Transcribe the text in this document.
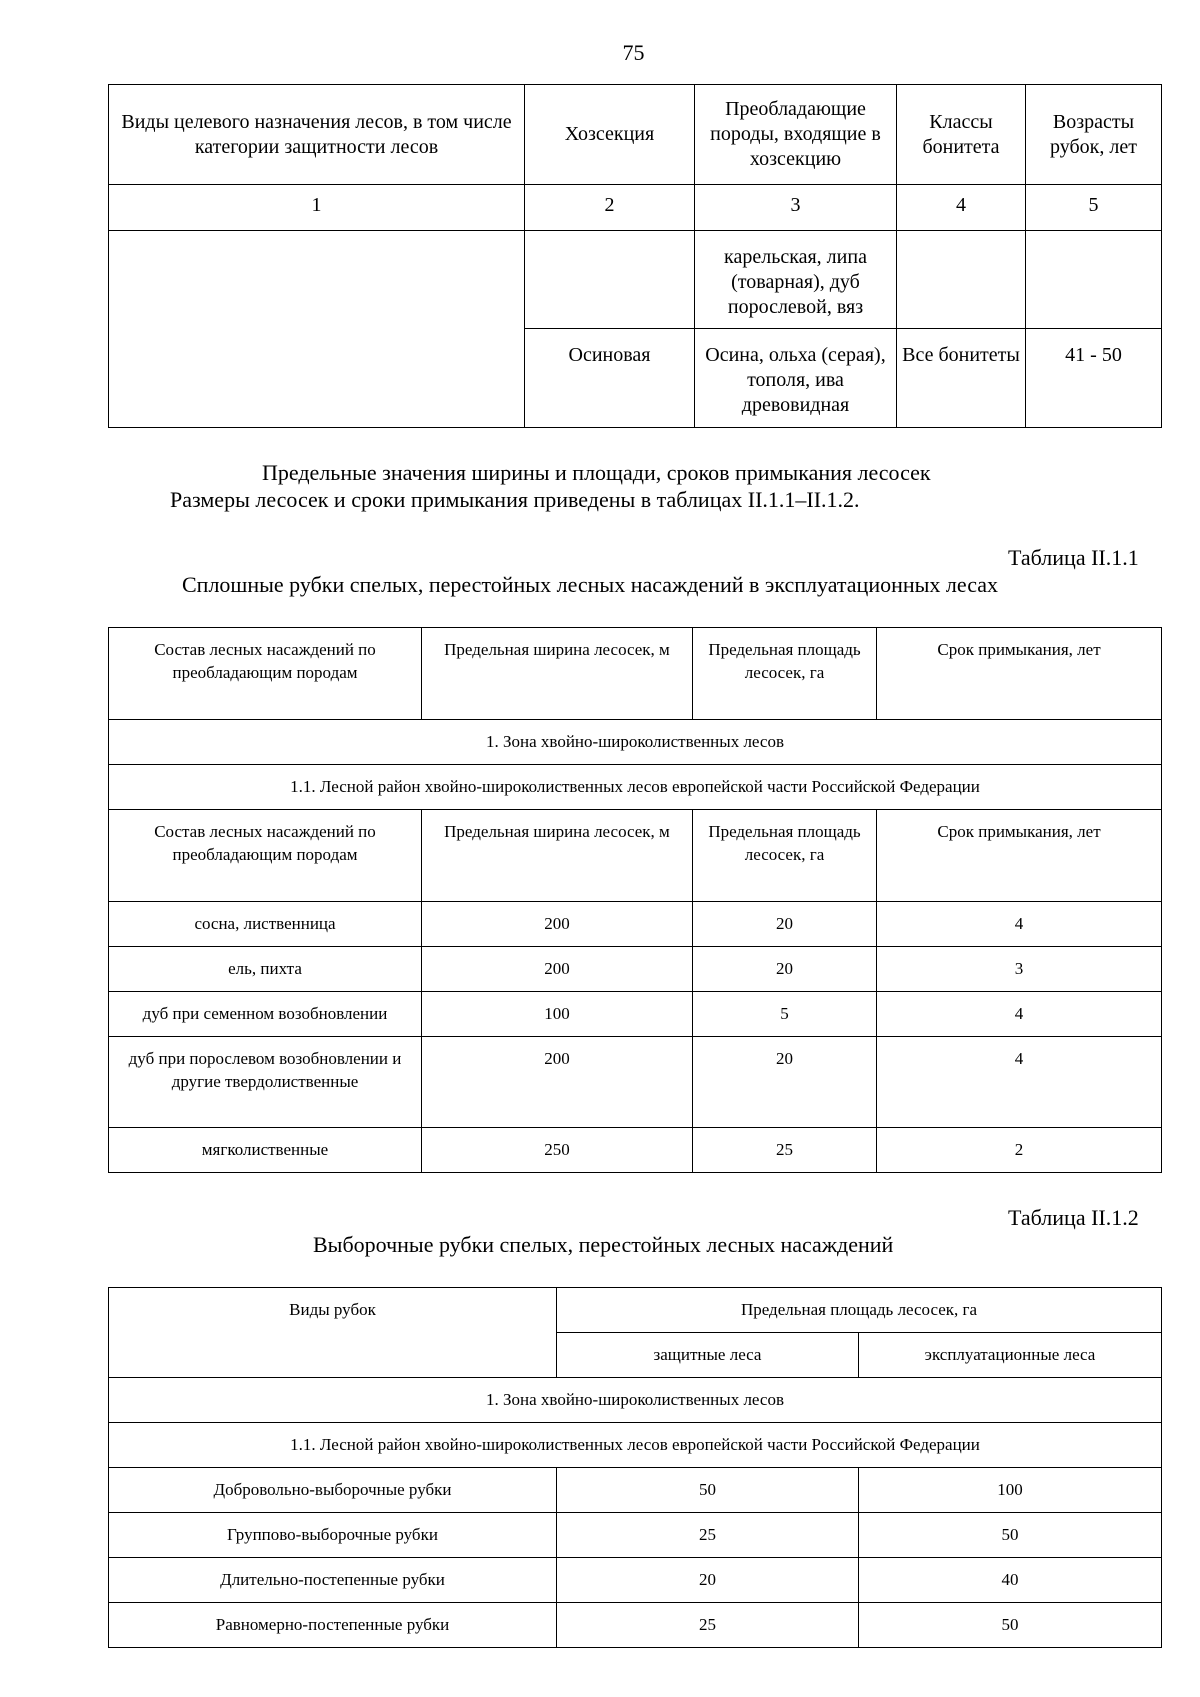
75
Виды целевого назначения лесов, в том числе категории защитности лесов	Хозсекция	Преобладающие породы, входящие в хозсекцию	Классы бонитета	Возрасты рубок, лет
1	2	3	4	5
		карельская, липа (товарная), дуб порослевой, вяз		
	Осиновая	Осина, ольха (серая), тополя, ива древовидная	Все бонитеты	41 - 50
Предельные значения ширины и площади, сроков примыкания лесосек
Размеры лесосек и сроки примыкания приведены в таблицах II.1.1–II.1.2.
Таблица II.1.1
Сплошные рубки спелых, перестойных лесных насаждений в эксплуатационных лесах
Состав лесных насаждений по преобладающим породам	Предельная ширина лесосек, м	Предельная площадь лесосек, га	Срок примыкания, лет
1. Зона хвойно-широколиственных лесов			
1.1. Лесной район хвойно-широколиственных лесов европейской части Российской Федерации			
Состав лесных насаждений по преобладающим породам	Предельная ширина лесосек, м	Предельная площадь лесосек, га	Срок примыкания, лет
сосна, лиственница	200	20	4
ель, пихта	200	20	3
дуб при семенном возобновлении	100	5	4
дуб при порослевом возобновлении и другие твердолиственные	200	20	4
мягколиственные	250	25	2
Таблица II.1.2
Выборочные рубки спелых, перестойных лесных насаждений
Виды рубок	Предельная площадь лесосек, га	
	защитные леса	эксплуатационные леса
1. Зона хвойно-широколиственных лесов		
1.1. Лесной район хвойно-широколиственных лесов европейской части Российской Федерации		
Добровольно-выборочные рубки	50	100
Группово-выборочные рубки	25	50
Длительно-постепенные рубки	20	40
Равномерно-постепенные рубки	25	50
